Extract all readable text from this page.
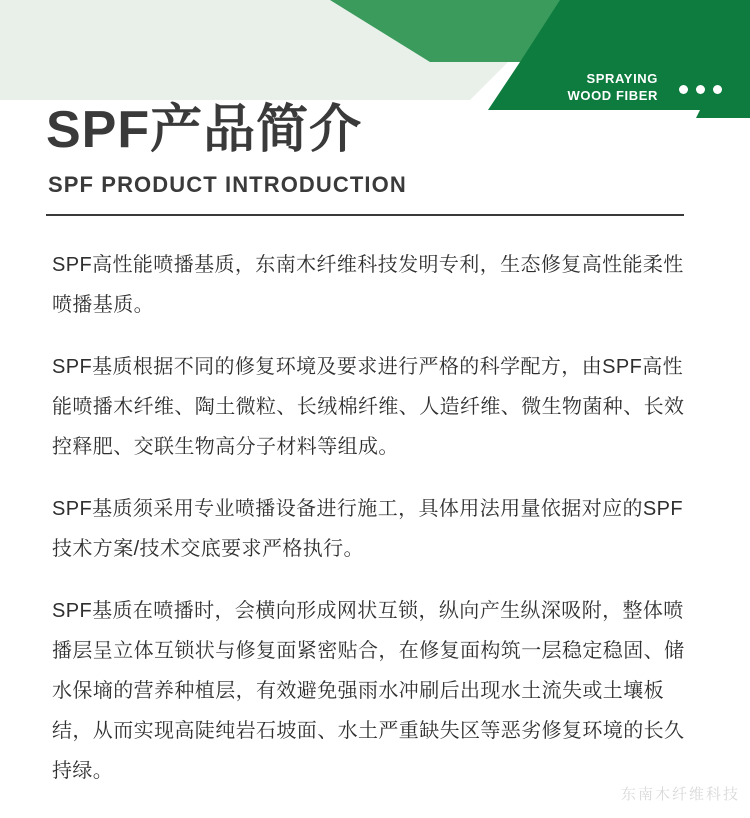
SPRAYING
WOOD FIBER
SPF产品简介
SPF PRODUCT INTRODUCTION

SPF高性能喷播基质，东南木纤维科技发明专利，生态修复高性能柔性喷播基质。

SPF基质根据不同的修复环境及要求进行严格的科学配方，由SPF高性能喷播木纤维、陶土微粒、长绒棉纤维、人造纤维、微生物菌种、长效控释肥、交联生物高分子材料等组成。

SPF基质须采用专业喷播设备进行施工，具体用法用量依据对应的SPF技术方案/技术交底要求严格执行。

SPF基质在喷播时，会横向形成网状互锁，纵向产生纵深吸附，整体喷播层呈立体互锁状与修复面紧密贴合，在修复面构筑一层稳定稳固、储水保墒的营养种植层，有效避免强雨水冲刷后出现水土流失或土壤板结，从而实现高陡纯岩石坡面、水土严重缺失区等恶劣修复环境的长久持绿。

东南木纤维科技
